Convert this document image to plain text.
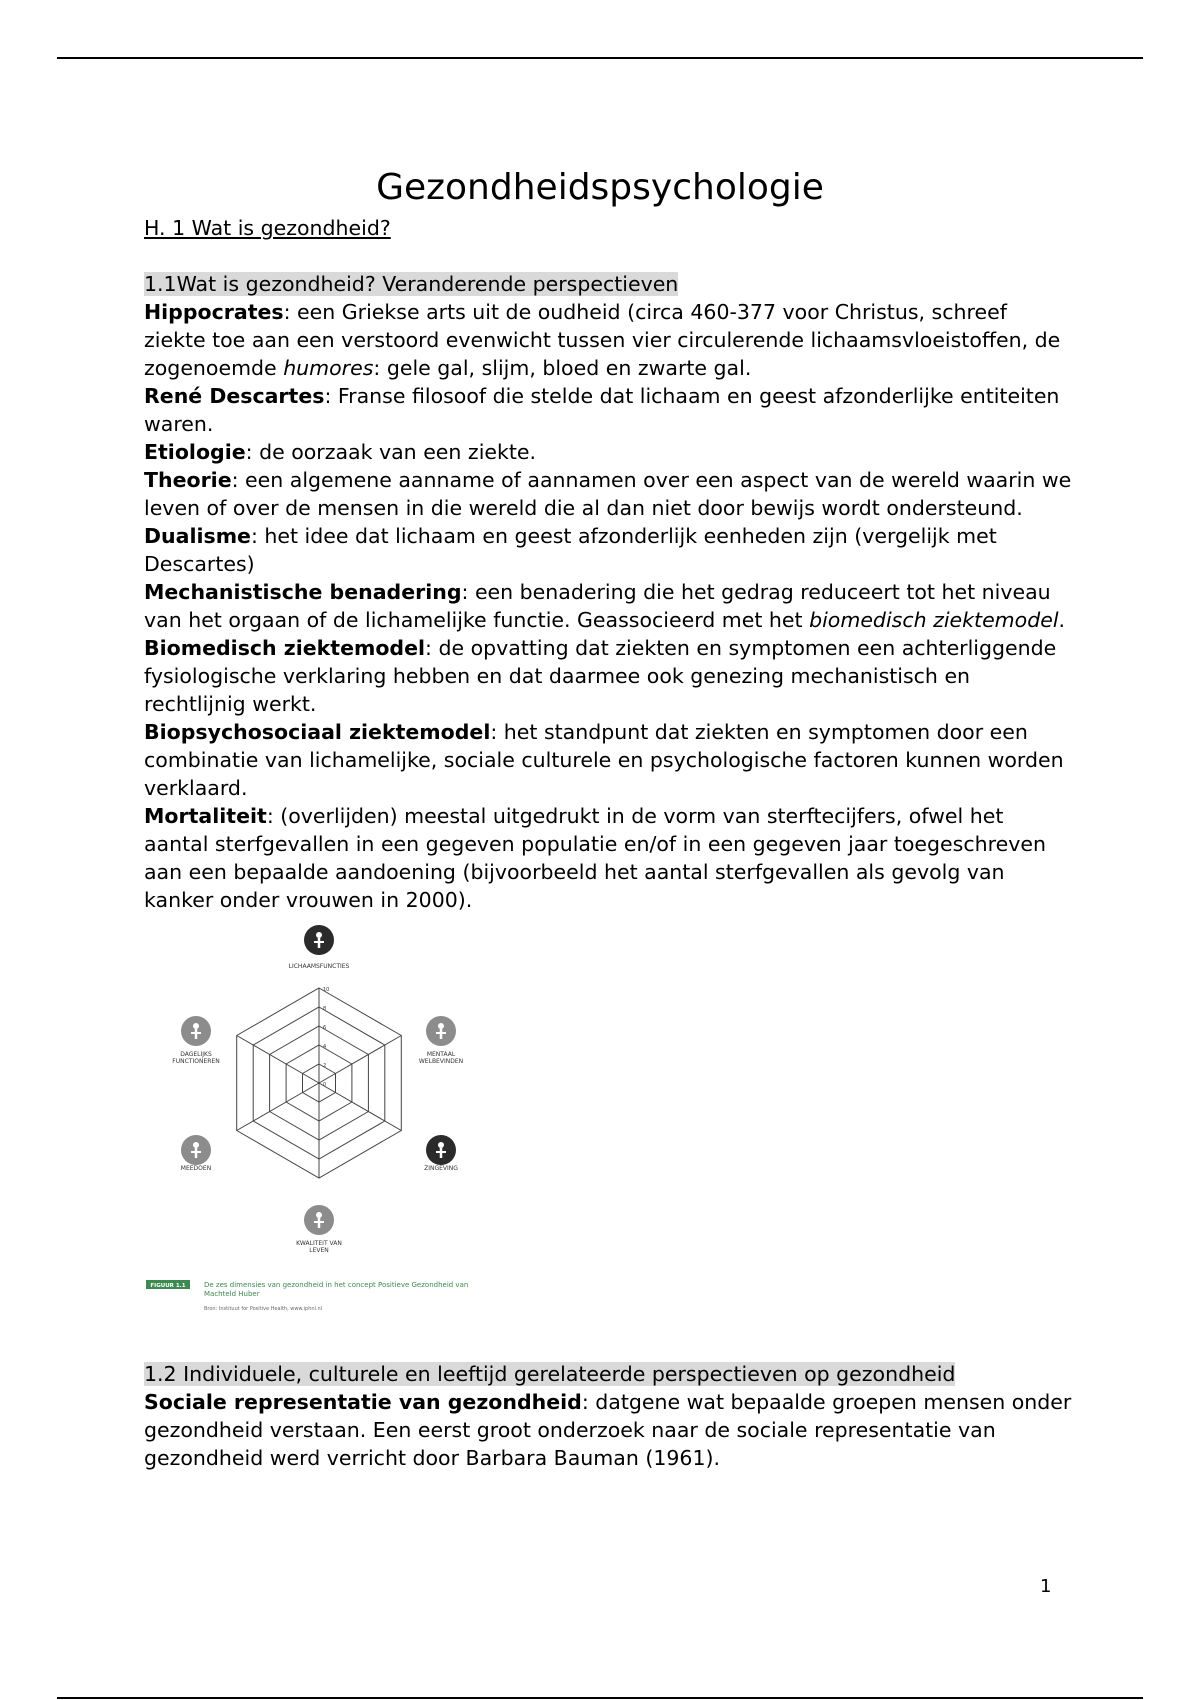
Gezondheidspsychologie
H. 1 Wat is gezondheid?
1.1Wat is gezondheid? Veranderende perspectieven

Hippocrates: een Griekse arts uit de oudheid (circa 460-377 voor Christus, schreef ziekte toe aan een verstoord evenwicht tussen vier circulerende lichaamsvloeistoffen, de zogenoemde humores: gele gal, slijm, bloed en zwarte gal.

René Descartes: Franse filosoof die stelde dat lichaam en geest afzonderlijke entiteiten waren.

Etiologie: de oorzaak van een ziekte.

Theorie: een algemene aanname of aannamen over een aspect van de wereld waarin we leven of over de mensen in die wereld die al dan niet door bewijs wordt ondersteund.

Dualisme: het idee dat lichaam en geest afzonderlijk eenheden zijn (vergelijk met Descartes)

Mechanistische benadering: een benadering die het gedrag reduceert tot het niveau van het orgaan of de lichamelijke functie. Geassocieerd met het biomedisch ziektemodel.

Biomedisch ziektemodel: de opvatting dat ziekten en symptomen een achterliggende fysiologische verklaring hebben en dat daarmee ook genezing mechanistisch en rechtlijnig werkt.

Biopsychosociaal ziektemodel: het standpunt dat ziekten en symptomen door een combinatie van lichamelijke, sociale culturele en psychologische factoren kunnen worden verklaard.

Mortaliteit: (overlijden) meestal uitgedrukt in de vorm van sterftecijfers, ofwel het aantal sterfgevallen in een gegeven populatie en/of in een gegeven jaar toegeschreven aan een bepaalde aandoening (bijvoorbeeld het aantal sterfgevallen als gevolg van kanker onder vrouwen in 2000).

10
8
6
4
2
0
LICHAAMSFUNCTIES
MENTAAL
WELBEVINDEN
ZINGEVING
KWALITEIT VAN
LEVEN
MEEDOEN
DAGELIJKS
FUNCTIONEREN
FIGUUR 1.1	De zes dimensies van gezondheid in het concept Positieve Gezondheid van
Machteld Huber
Bron: Instituut for Positive Health, www.iphnl.nl
1.2 Individuele, culturele en leeftijd gerelateerde perspectieven op gezondheid

Sociale representatie van gezondheid: datgene wat bepaalde groepen mensen onder gezondheid verstaan. Een eerst groot onderzoek naar de sociale representatie van gezondheid werd verricht door Barbara Bauman (1961).

1
